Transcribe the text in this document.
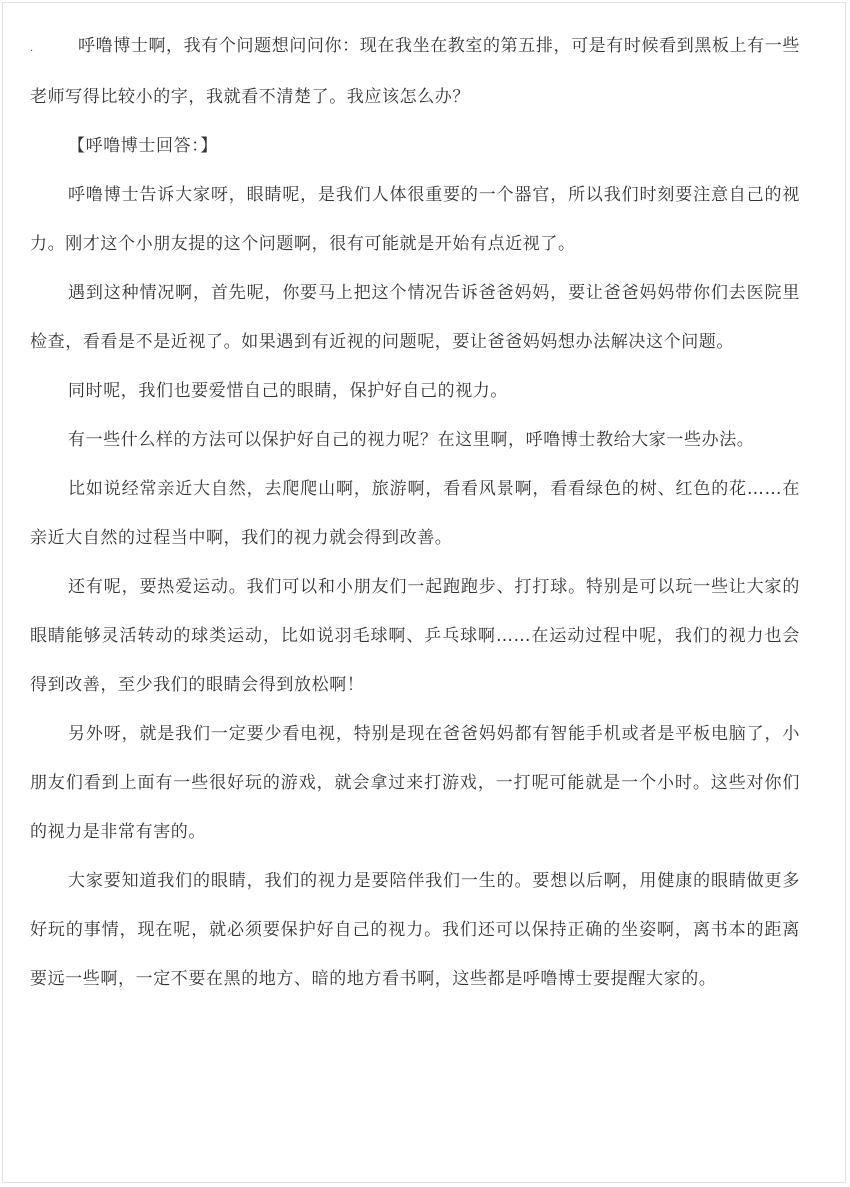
.	呼噜博士啊，我有个问题想问问你：现在我坐在教室的第五排，可是有时候看到黑板上有一些老师写得比较小的字，我就看不清楚了。我应该怎么办？

【呼噜博士回答：】

呼噜博士告诉大家呀，眼睛呢，是我们人体很重要的一个器官，所以我们时刻要注意自己的视力。刚才这个小朋友提的这个问题啊，很有可能就是开始有点近视了。

遇到这种情况啊，首先呢，你要马上把这个情况告诉爸爸妈妈，要让爸爸妈妈带你们去医院里检查，看看是不是近视了。如果遇到有近视的问题呢，要让爸爸妈妈想办法解决这个问题。

同时呢，我们也要爱惜自己的眼睛，保护好自己的视力。

有一些什么样的方法可以保护好自己的视力呢？在这里啊，呼噜博士教给大家一些办法。

比如说经常亲近大自然，去爬爬山啊，旅游啊，看看风景啊，看看绿色的树、红色的花……在亲近大自然的过程当中啊，我们的视力就会得到改善。

还有呢，要热爱运动。我们可以和小朋友们一起跑跑步、打打球。特别是可以玩一些让大家的眼睛能够灵活转动的球类运动，比如说羽毛球啊、乒乓球啊……在运动过程中呢，我们的视力也会得到改善，至少我们的眼睛会得到放松啊！

另外呀，就是我们一定要少看电视，特别是现在爸爸妈妈都有智能手机或者是平板电脑了，小朋友们看到上面有一些很好玩的游戏，就会拿过来打游戏，一打呢可能就是一个小时。这些对你们的视力是非常有害的。

大家要知道我们的眼睛，我们的视力是要陪伴我们一生的。要想以后啊，用健康的眼睛做更多好玩的事情，现在呢，就必须要保护好自己的视力。我们还可以保持正确的坐姿啊，离书本的距离要远一些啊，一定不要在黑的地方、暗的地方看书啊，这些都是呼噜博士要提醒大家的。
